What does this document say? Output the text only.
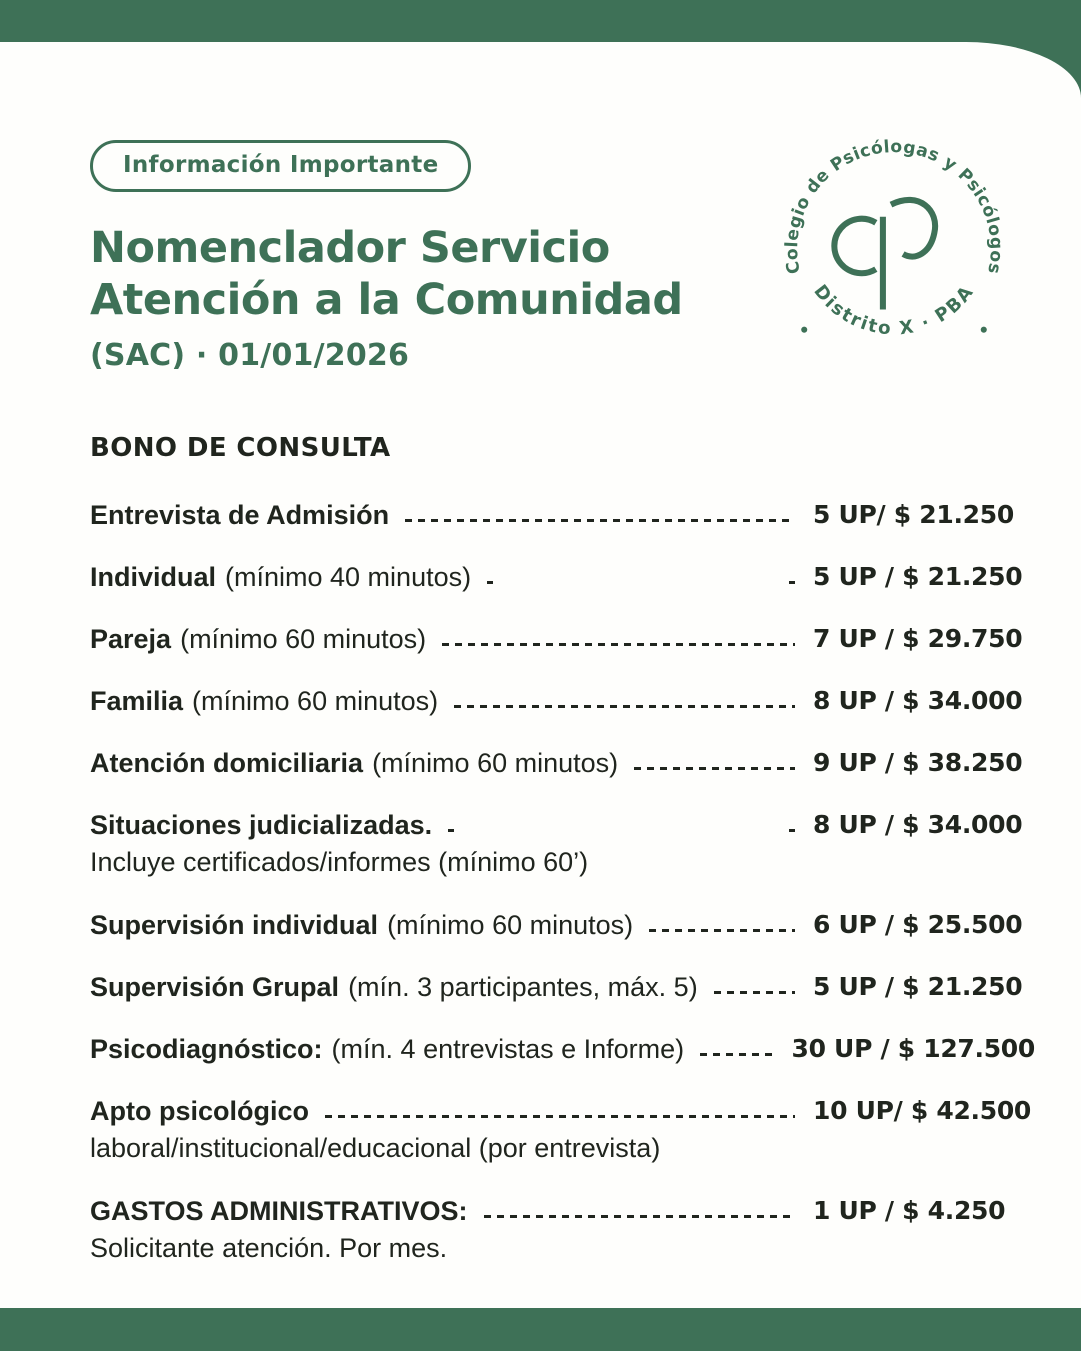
Información Importante
Nomenclador Servicio
Atención a la Comunidad
(SAC) · 01/01/2026
Colegio de Psicólogas y Psicólogos
Distrito X · PBA
BONO DE CONSULTA
Entrevista de Admisión	5 UP/ $ 21.250
Individual (mínimo 40 minutos)	5 UP / $ 21.250
Pareja (mínimo 60 minutos)	7 UP / $ 29.750
Familia (mínimo 60 minutos)	8 UP / $ 34.000
Atención domiciliaria (mínimo 60 minutos)	9 UP / $ 38.250
Situaciones judicializadas.	8 UP / $ 34.000
Incluye certificados/informes (mínimo 60’)
Supervisión individual (mínimo 60 minutos)	6 UP / $ 25.500
Supervisión Grupal (mín. 3 participantes, máx. 5)	5 UP / $ 21.250
Psicodiagnóstico: (mín. 4 entrevistas e Informe)	30 UP / $ 127.500
Apto psicológico	10 UP/ $ 42.500
laboral/institucional/educacional (por entrevista)
GASTOS ADMINISTRATIVOS:	1 UP / $ 4.250
Solicitante atención. Por mes.
